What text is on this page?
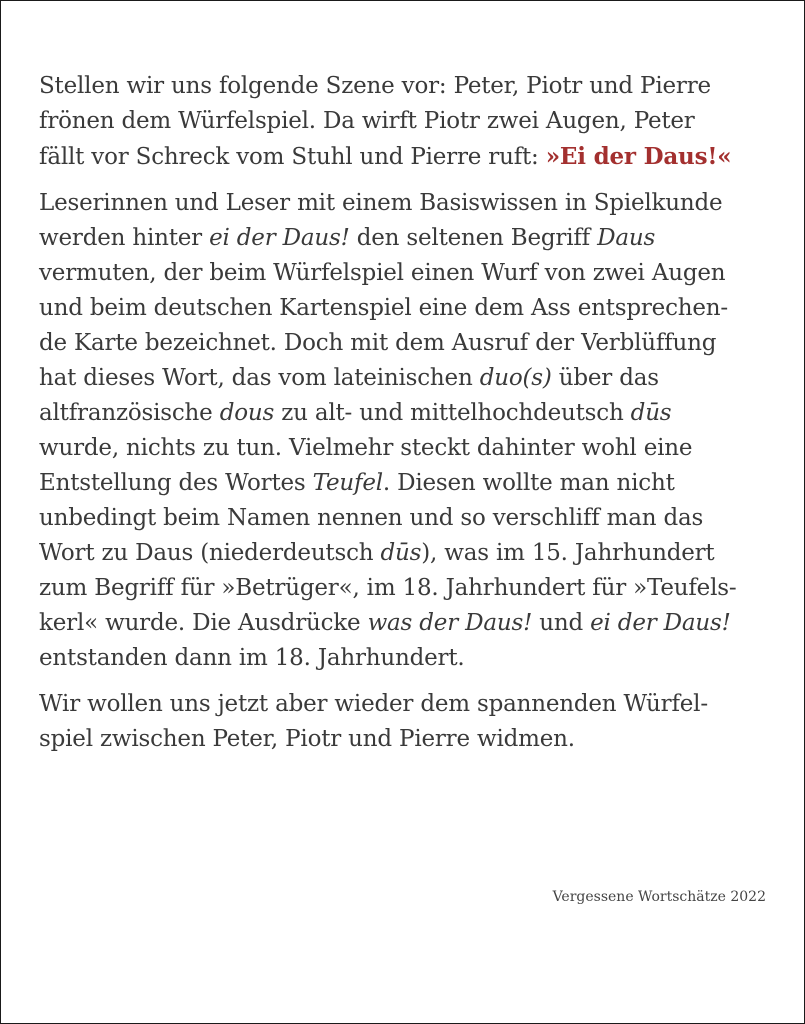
Stellen wir uns folgende Szene vor: Peter, Piotr und Pierre
frönen dem Würfelspiel. Da wirft Piotr zwei Augen, Peter
fällt vor Schreck vom Stuhl und Pierre ruft: »Ei der Daus!«

Leserinnen und Leser mit einem Basiswissen in Spielkunde
werden hinter ei der Daus! den seltenen Begriff Daus
vermuten, der beim Würfelspiel einen Wurf von zwei Augen
und beim deutschen Kartenspiel eine dem Ass entsprechen-
de Karte bezeichnet. Doch mit dem Ausruf der Verblüffung
hat dieses Wort, das vom lateinischen duo(s) über das
altfranzösische dous zu alt- und mittelhochdeutsch dūs
wurde, nichts zu tun. Vielmehr steckt dahinter wohl eine
Entstellung des Wortes Teufel. Diesen wollte man nicht
unbedingt beim Namen nennen und so verschliff man das
Wort zu Daus (niederdeutsch dūs), was im 15. Jahrhundert
zum Begriff für »Betrüger«, im 18. Jahrhundert für »Teufels-
kerl« wurde. Die Ausdrücke was der Daus! und ei der Daus!
entstanden dann im 18. Jahrhundert.

Wir wollen uns jetzt aber wieder dem spannenden Würfel-
spiel zwischen Peter, Piotr und Pierre widmen.

Vergessene Wortschätze 2022
